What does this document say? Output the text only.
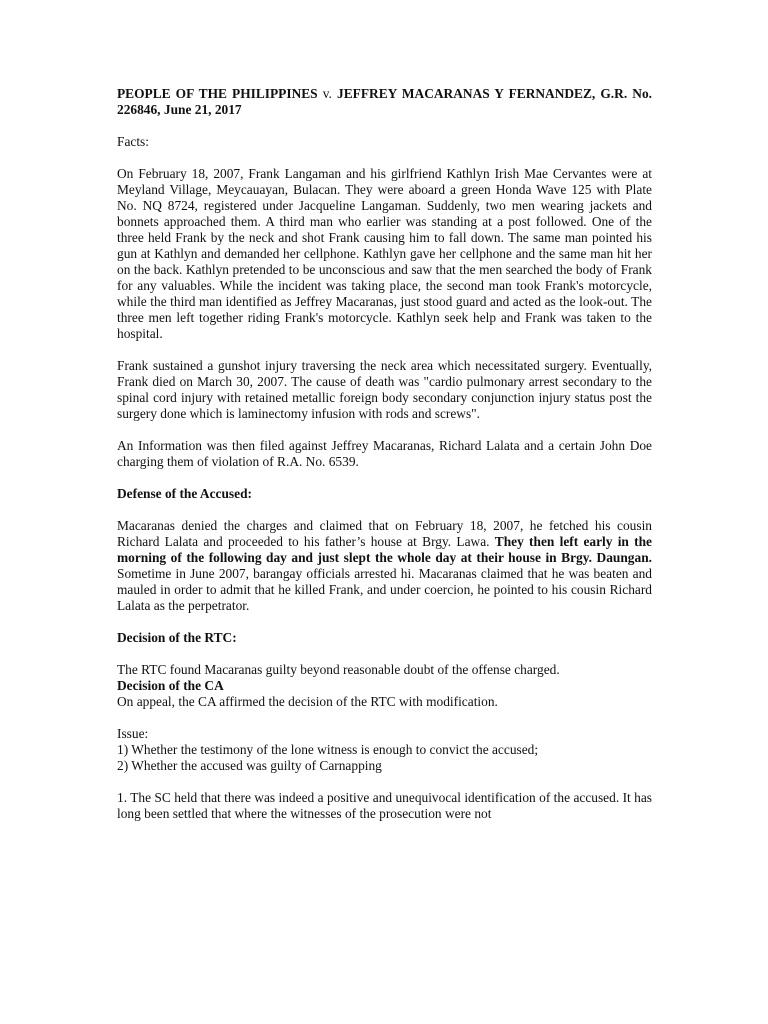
PEOPLE OF THE PHILIPPINES v. JEFFREY MACARANAS Y FERNANDEZ, G.R. No. 226846, June 21, 2017

Facts:

On February 18, 2007, Frank Langaman and his girlfriend Kathlyn Irish Mae Cervantes were at Meyland Village, Meycauayan, Bulacan. They were aboard a green Honda Wave 125 with Plate No. NQ 8724, registered under Jacqueline Langaman. Suddenly, two men wearing jackets and bonnets approached them. A third man who earlier was standing at a post followed. One of the three held Frank by the neck and shot Frank causing him to fall down. The same man pointed his gun at Kathlyn and demanded her cellphone. Kathlyn gave her cellphone and the same man hit her on the back. Kathlyn pretended to be unconscious and saw that the men searched the body of Frank for any valuables. While the incident was taking place, the second man took Frank's motorcycle, while the third man identified as Jeffrey Macaranas, just stood guard and acted as the look-out. The three men left together riding Frank's motorcycle. Kathlyn seek help and Frank was taken to the hospital.

Frank sustained a gunshot injury traversing the neck area which necessitated surgery. Eventually, Frank died on March 30, 2007. The cause of death was "cardio pulmonary arrest secondary to the spinal cord injury with retained metallic foreign body secondary conjunction injury status post the surgery done which is laminectomy infusion with rods and screws".

An Information was then filed against Jeffrey Macaranas, Richard Lalata and a certain John Doe charging them of violation of R.A. No. 6539.

Defense of the Accused:

Macaranas denied the charges and claimed that on February 18, 2007, he fetched his cousin Richard Lalata and proceeded to his father’s house at Brgy. Lawa. They then left early in the morning of the following day and just slept the whole day at their house in Brgy. Daungan. Sometime in June 2007, barangay officials arrested hi. Macaranas claimed that he was beaten and mauled in order to admit that he killed Frank, and under coercion, he pointed to his cousin Richard Lalata as the perpetrator.

Decision of the RTC:

The RTC found Macaranas guilty beyond reasonable doubt of the offense charged.

Decision of the CA

On appeal, the CA affirmed the decision of the RTC with modification.

Issue:
1) Whether the testimony of the lone witness is enough to convict the accused;
2) Whether the accused was guilty of Carnapping

1. The SC held that there was indeed a positive and unequivocal identification of the accused. It has long been settled that where the witnesses of the prosecution were not
